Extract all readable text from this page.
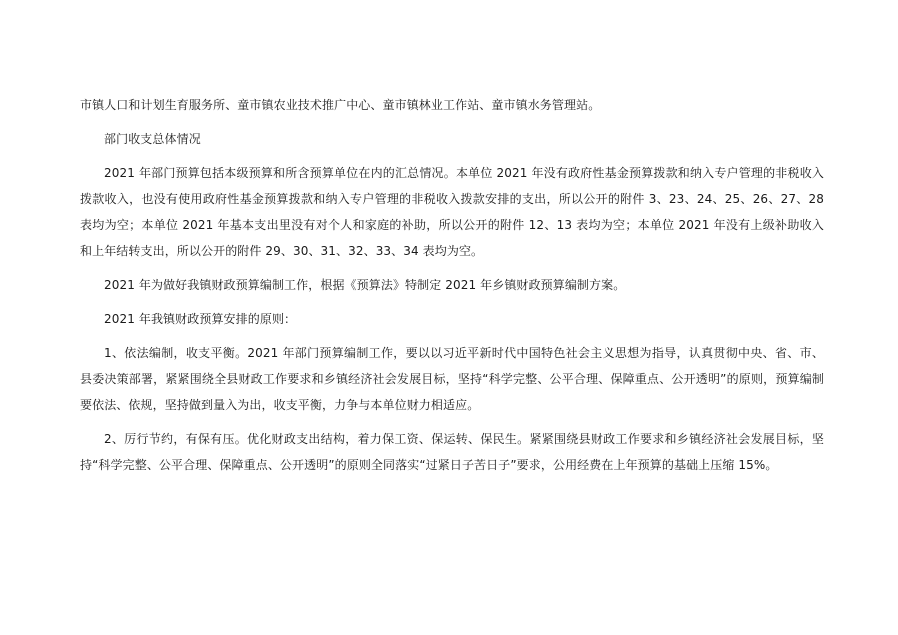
市镇人口和计划生育服务所、童市镇农业技术推广中心、童市镇林业工作站、童市镇水务管理站。

部门收支总体情况

2021 年部门预算包括本级预算和所含预算单位在内的汇总情况。本单位 2021 年没有政府性基金预算拨款和纳入专户管理的非税收入拨款收入，也没有使用政府性基金预算拨款和纳入专户管理的非税收入拨款安排的支出，所以公开的附件 3、23、24、25、26、27、28 表均为空；本单位 2021 年基本支出里没有对个人和家庭的补助，所以公开的附件 12、13 表均为空；本单位 2021 年没有上级补助收入和上年结转支出，所以公开的附件 29、30、31、32、33、34 表均为空。

2021 年为做好我镇财政预算编制工作，根据《预算法》特制定 2021 年乡镇财政预算编制方案。

2021 年我镇财政预算安排的原则：

1、依法编制，收支平衡。2021 年部门预算编制工作，要以以习近平新时代中国特色社会主义思想为指导，认真贯彻中央、省、市、县委决策部署，紧紧围绕全县财政工作要求和乡镇经济社会发展目标，坚持“科学完整、公平合理、保障重点、公开透明”的原则，预算编制要依法、依规，坚持做到量入为出，收支平衡，力争与本单位财力相适应。

2、厉行节约，有保有压。优化财政支出结构，着力保工资、保运转、保民生。紧紧围绕县财政工作要求和乡镇经济社会发展目标，坚持“科学完整、公平合理、保障重点、公开透明”的原则全同落实“过紧日子苦日子”要求，公用经费在上年预算的基础上压缩 15%。
